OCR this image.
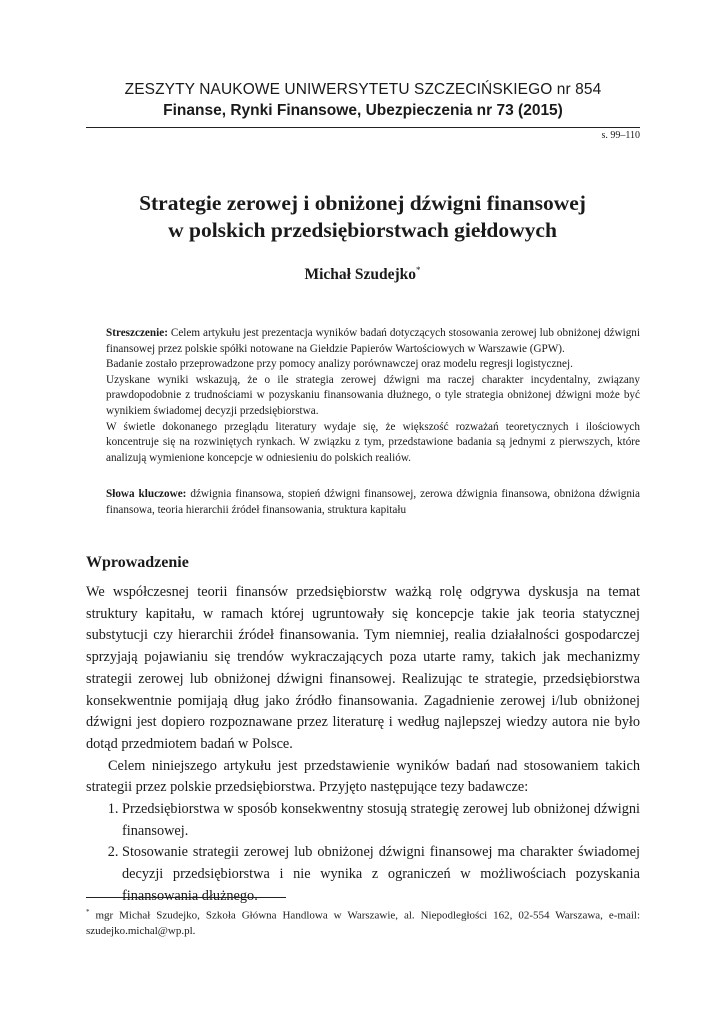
ZESZYTY NAUKOWE UNIWERSYTETU SZCZECIŃSKIEGO nr 854
Finanse, Rynki Finansowe, Ubezpieczenia nr 73 (2015)
s. 99–110
Strategie zerowej i obniżonej dźwigni finansowej
w polskich przedsiębiorstwach giełdowych
Michał Szudejko*

Streszczenie: Celem artykułu jest prezentacja wyników badań dotyczących stosowania zerowej lub obniżonej dźwigni finansowej przez polskie spółki notowane na Giełdzie Papierów Wartościowych w Warszawie (GPW).

Badanie zostało przeprowadzone przy pomocy analizy porównawczej oraz modelu regresji logistycznej.

Uzyskane wyniki wskazują, że o ile strategia zerowej dźwigni ma raczej charakter incydentalny, związany prawdopodobnie z trudnościami w pozyskaniu finansowania dłużnego, o tyle strategia obniżonej dźwigni może być wynikiem świadomej decyzji przedsiębiorstwa.

W świetle dokonanego przeglądu literatury wydaje się, że większość rozważań teoretycznych i ilościowych koncentruje się na rozwiniętych rynkach. W związku z tym, przedstawione badania są jednymi z pierwszych, które analizują wymienione koncepcje w odniesieniu do polskich realiów.

Słowa kluczowe: dźwignia finansowa, stopień dźwigni finansowej, zerowa dźwignia finansowa, obniżona dźwignia finansowa, teoria hierarchii źródeł finansowania, struktura kapitału

Wprowadzenie

We współczesnej teorii finansów przedsiębiorstw ważką rolę odgrywa dyskusja na temat struktury kapitału, w ramach której ugruntowały się koncepcje takie jak teoria statycznej substytucji czy hierarchii źródeł finansowania. Tym niemniej, realia działalności gospodarczej sprzyjają pojawianiu się trendów wykraczających poza utarte ramy, takich jak mechanizmy strategii zerowej lub obniżonej dźwigni finansowej. Realizując te strategie, przedsiębiorstwa konsekwentnie pomijają dług jako źródło finansowania. Zagadnienie zerowej i/lub obniżonej dźwigni jest dopiero rozpoznawane przez literaturę i według najlepszej wiedzy autora nie było dotąd przedmiotem badań w Polsce.

Celem niniejszego artykułu jest przedstawienie wyników badań nad stosowaniem takich strategii przez polskie przedsiębiorstwa. Przyjęto następujące tezy badawcze:

1. Przedsiębiorstwa w sposób konsekwentny stosują strategię zerowej lub obniżonej dźwigni finansowej.
2. Stosowanie strategii zerowej lub obniżonej dźwigni finansowej ma charakter świadomej decyzji przedsiębiorstwa i nie wynika z ograniczeń w możliwościach pozyskania finansowania dłużnego.

* mgr Michał Szudejko, Szkoła Główna Handlowa w Warszawie, al. Niepodległości 162, 02-554 Warszawa, e-mail: szudejko.michal@wp.pl.
